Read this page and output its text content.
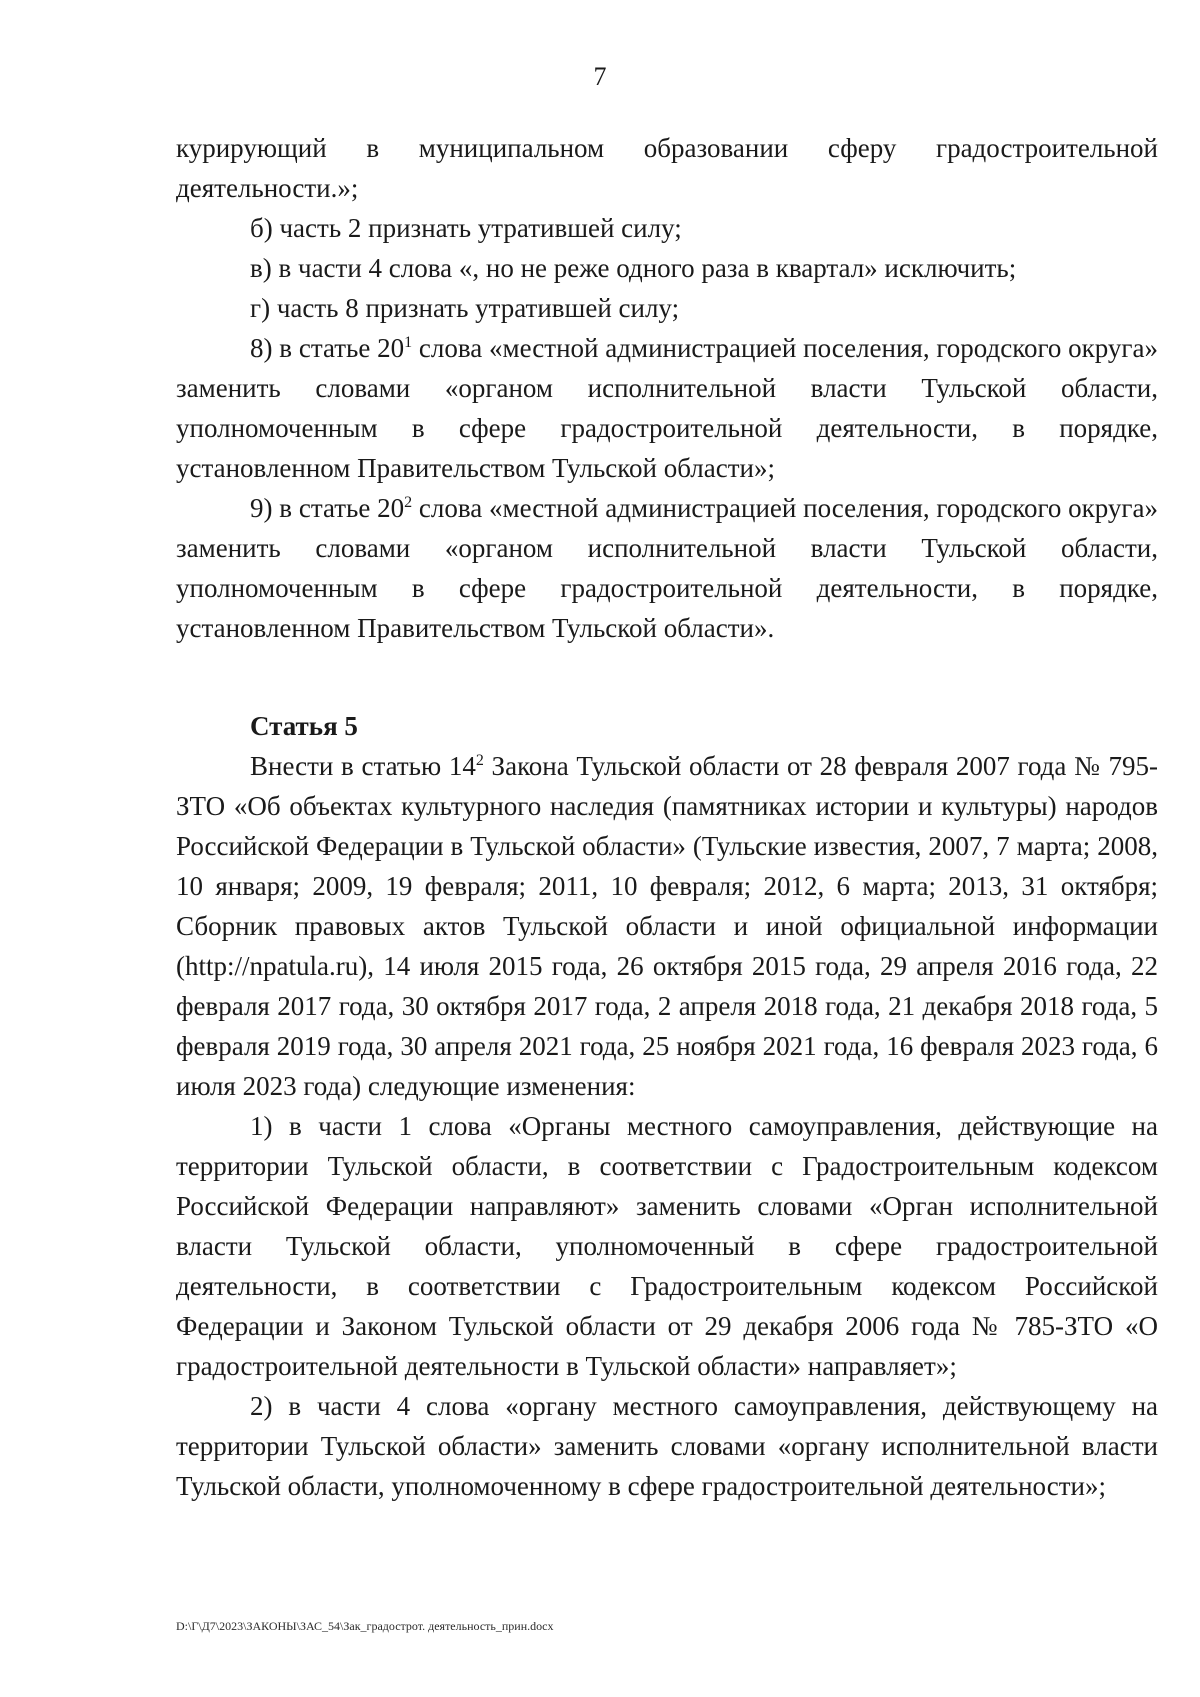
7

курирующий в муниципальном образовании сферу градостроительной деятельности.»;

б) часть 2 признать утратившей силу;

в) в части 4 слова «, но не реже одного раза в квартал» исключить;

г) часть 8 признать утратившей силу;

8) в статье $20^1$ слова «местной администрацией поселения, городского округа» заменить словами «органом исполнительной власти Тульской области, уполномоченным в сфере градостроительной деятельности, в порядке, установленном Правительством Тульской области»;

9) в статье $20^2$ слова «местной администрацией поселения, городского округа» заменить словами «органом исполнительной власти Тульской области, уполномоченным в сфере градостроительной деятельности, в порядке, установленном Правительством Тульской области».

Статья 5

Внести в статью $14^2$ Закона Тульской области от 28 февраля 2007 года № 795-ЗТО «Об объектах культурного наследия (памятниках истории и культуры) народов Российской Федерации в Тульской области» (Тульские известия, 2007, 7 марта; 2008, 10 января; 2009, 19 февраля; 2011, 10 февраля; 2012, 6 марта; 2013, 31 октября; Сборник правовых актов Тульской области и иной официальной информации (http://npatula.ru), 14 июля 2015 года, 26 октября 2015 года, 29 апреля 2016 года, 22 февраля 2017 года, 30 октября 2017 года, 2 апреля 2018 года, 21 декабря 2018 года, 5 февраля 2019 года, 30 апреля 2021 года, 25 ноября 2021 года, 16 февраля 2023 года, 6 июля 2023 года) следующие изменения:

1) в части 1 слова «Органы местного самоуправления, действующие на территории Тульской области, в соответствии с Градостроительным кодексом Российской Федерации направляют» заменить словами «Орган исполнительной власти Тульской области, уполномоченный в сфере градостроительной деятельности, в соответствии с Градостроительным кодексом Российской Федерации и Законом Тульской области от 29 декабря 2006 года № 785-ЗТО «О градостроительной деятельности в Тульской области» направляет»;

2) в части 4 слова «органу местного самоуправления, действующему на территории Тульской области» заменить словами «органу исполнительной власти Тульской области, уполномоченному в сфере градостроительной деятельности»;

D:\Г\Д7\2023\ЗАКОНЫ\ЗАС_54\Зак_градострот. деятельность_прин.docx
